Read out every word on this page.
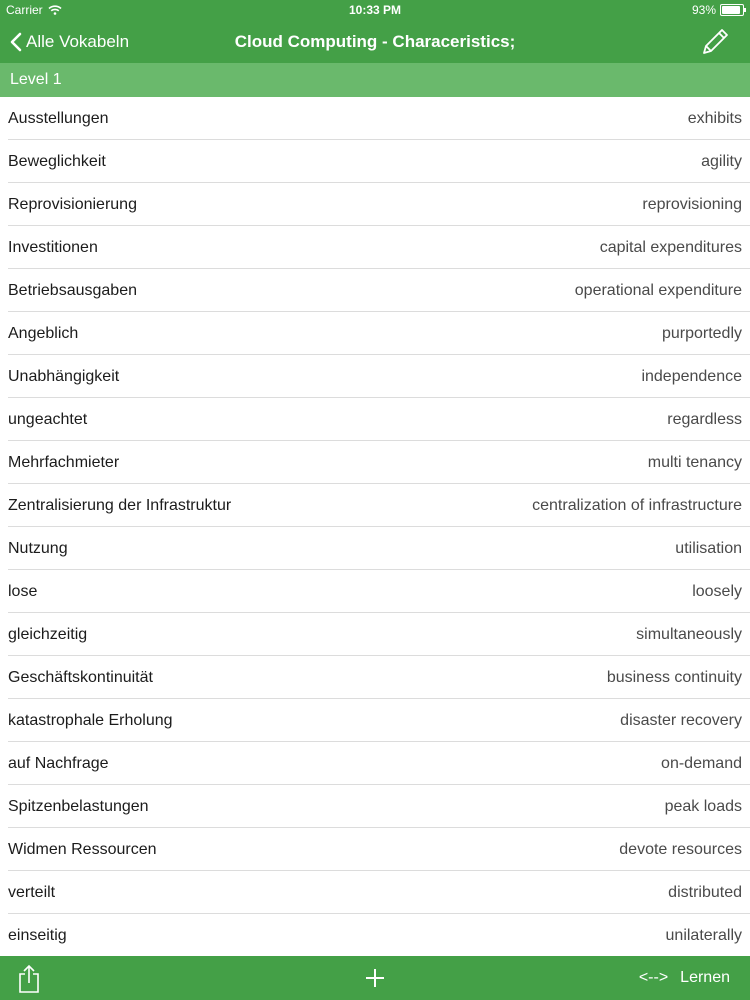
Carrier	10:33 PM	93%
Alle Vokabeln	Cloud Computing - Characeristics;
Level 1
Ausstellungen	exhibits
Beweglichkeit	agility
Reprovisionierung	reprovisioning
Investitionen	capital expenditures
Betriebsausgaben	operational expenditure
Angeblich	purportedly
Unabhängigkeit	independence
ungeachtet	regardless
Mehrfachmieter	multi tenancy
Zentralisierung der Infrastruktur	centralization of infrastructure
Nutzung	utilisation
lose	loosely
gleichzeitig	simultaneously
Geschäftskontinuität	business continuity
katastrophale Erholung	disaster recovery
auf Nachfrage	on-demand
Spitzenbelastungen	peak loads
Widmen Ressourcen	devote resources
verteilt	distributed
einseitig	unilaterally
<--> Lernen
